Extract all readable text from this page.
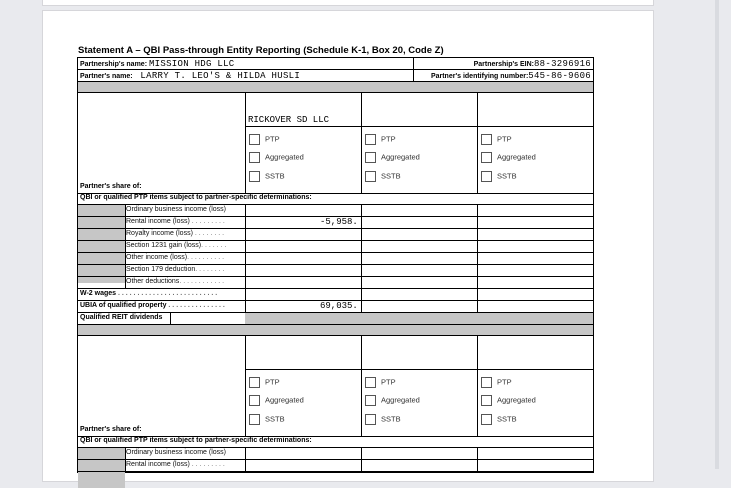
Statement A – QBI Pass-through Entity Reporting (Schedule K-1, Box 20, Code Z)
Partnership's name: MISSION HDG LLC	Partnership's EIN:88-3296916
Partner's name: LARRY T. LEO'S & HILDA HUSLI	Partner's identifying number:545-86-9606
RICKOVER SD LLC
PTP
Aggregated
SSTB
PTP
Aggregated
SSTB
PTP
Aggregated
SSTB
Partner's share of:
QBI or qualified PTP items subject to partner-specific determinations:
Ordinary business income (loss)
Rental income (loss) . . . . . . . . .	-5,958.
Royalty income (loss) . . . . . . . .
Section 1231 gain (loss). . . . . . .
Other income (loss). . . . . . . . . .
Section 179 deduction. . . . . . . .
Other deductions. . . . . . . . . . . .
W-2 wages . . . . . . . . . . . . . . . . . . . . . . . . . .
UBIA of qualified property . . . . . . . . . . . . . . .	69,035.
Qualified REIT dividends
PTP
Aggregated
SSTB
PTP
Aggregated
SSTB
PTP
Aggregated
SSTB
Partner's share of:
QBI or qualified PTP items subject to partner-specific determinations:
Ordinary business income (loss)
Rental income (loss) . . . . . . . . .
